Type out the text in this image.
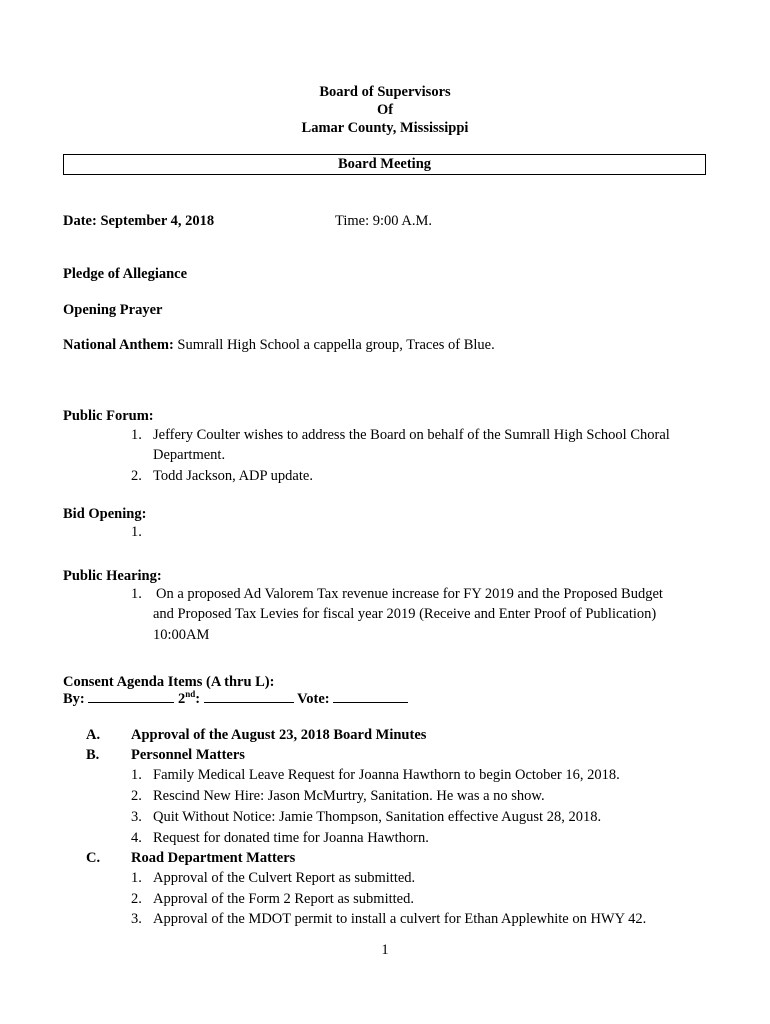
Board of Supervisors
Of
Lamar County, Mississippi
Board Meeting
Date: September 4, 2018	Time: 9:00 A.M.
Pledge of Allegiance
Opening Prayer
National Anthem: Sumrall High School a cappella group, Traces of Blue.
Public Forum:
1. Jeffery Coulter wishes to address the Board on behalf of the Sumrall High School Choral
Department.
2. Todd Jackson, ADP update.
Bid Opening:
1.
Public Hearing:
1. On a proposed Ad Valorem Tax revenue increase for FY 2019 and the Proposed Budget
and Proposed Tax Levies for fiscal year 2019 (Receive and Enter Proof of Publication)
10:00AM
Consent Agenda Items (A thru L):
By:	2nd:	Vote:
A. Approval of the August 23, 2018 Board Minutes
B. Personnel Matters
1. Family Medical Leave Request for Joanna Hawthorn to begin October 16, 2018.
2. Rescind New Hire: Jason McMurtry, Sanitation. He was a no show.
3. Quit Without Notice: Jamie Thompson, Sanitation effective August 28, 2018.
4. Request for donated time for Joanna Hawthorn.
C. Road Department Matters
1. Approval of the Culvert Report as submitted.
2. Approval of the Form 2 Report as submitted.
3. Approval of the MDOT permit to install a culvert for Ethan Applewhite on HWY 42.
1
